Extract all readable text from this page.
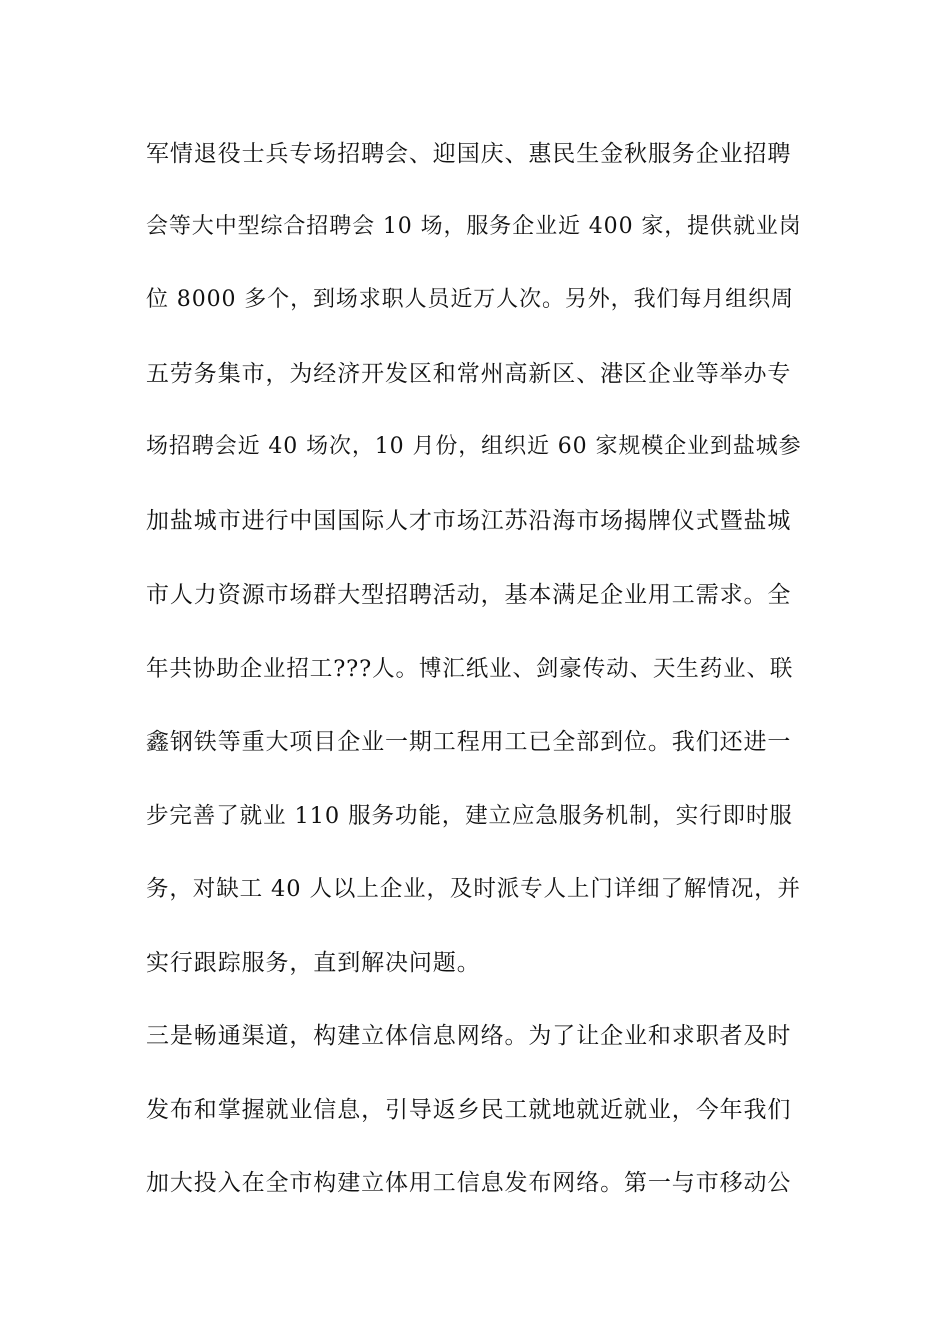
军情退役士兵专场招聘会、迎国庆、惠民生金秋服务企业招聘

会等大中型综合招聘会 10 场，服务企业近 400 家，提供就业岗

位 8000 多个，到场求职人员近万人次。另外，我们每月组织周

五劳务集市，为经济开发区和常州高新区、港区企业等举办专

场招聘会近 40 场次，10 月份，组织近 60 家规模企业到盐城参

加盐城市进行中国国际人才市场江苏沿海市场揭牌仪式暨盐城

市人力资源市场群大型招聘活动，基本满足企业用工需求。全

年共协助企业招工???人。博汇纸业、剑豪传动、天生药业、联

鑫钢铁等重大项目企业一期工程用工已全部到位。我们还进一

步完善了就业 110 服务功能，建立应急服务机制，实行即时服

务，对缺工 40 人以上企业，及时派专人上门详细了解情况，并

实行跟踪服务，直到解决问题。

三是畅通渠道，构建立体信息网络。为了让企业和求职者及时

发布和掌握就业信息，引导返乡民工就地就近就业，今年我们

加大投入在全市构建立体用工信息发布网络。第一与市移动公
